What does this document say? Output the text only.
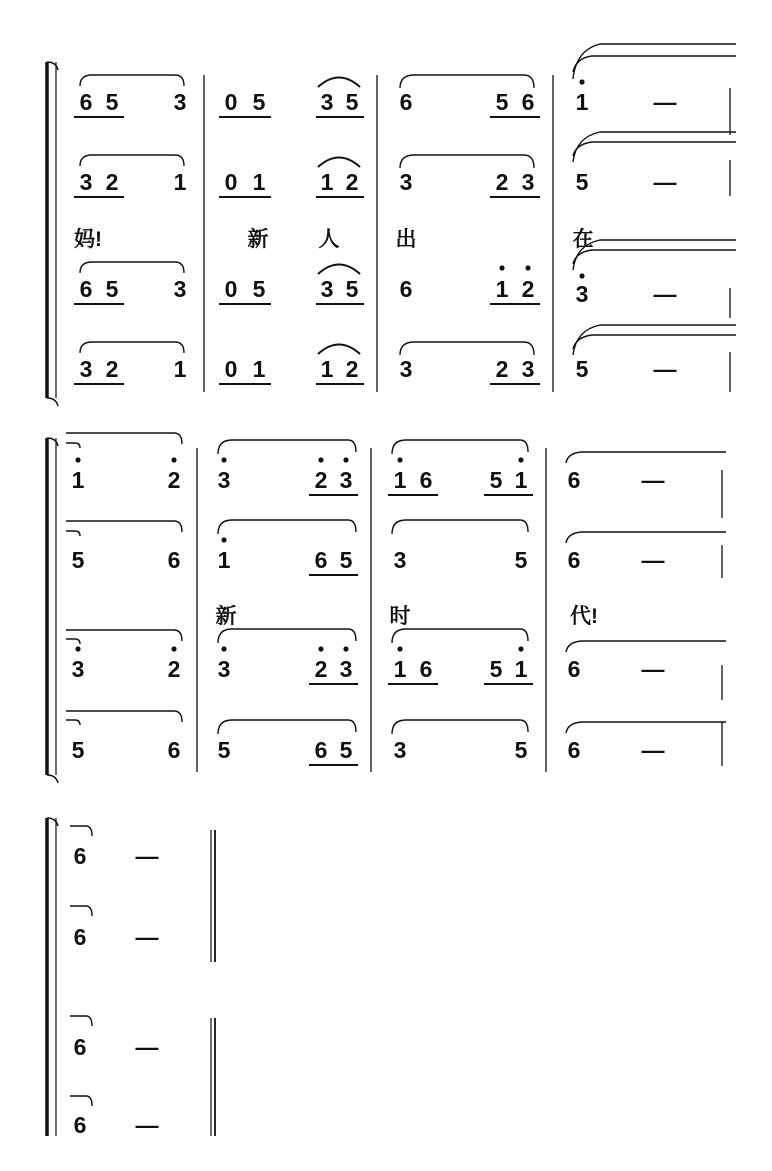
6 5 3 0 5 3 5 6	5 6 1	—
3 2 1 0 1 1 2 3	2 3 5	—
妈!	新 人	出	在
6 5 3 0 5 3 5 6	1 2 3	—
3 2 1 0 1 1 2 3	2 3 5	—
1	2 3	2 3 1 6 5 1 6	—
5	6 1	6 5 3	5 6	—
新	时	代!
3	2 3	2 3 1 6 5 1 6	—
5	6 5	6 5 3	5 6	—
6 —
6 —
6 —
6 —
